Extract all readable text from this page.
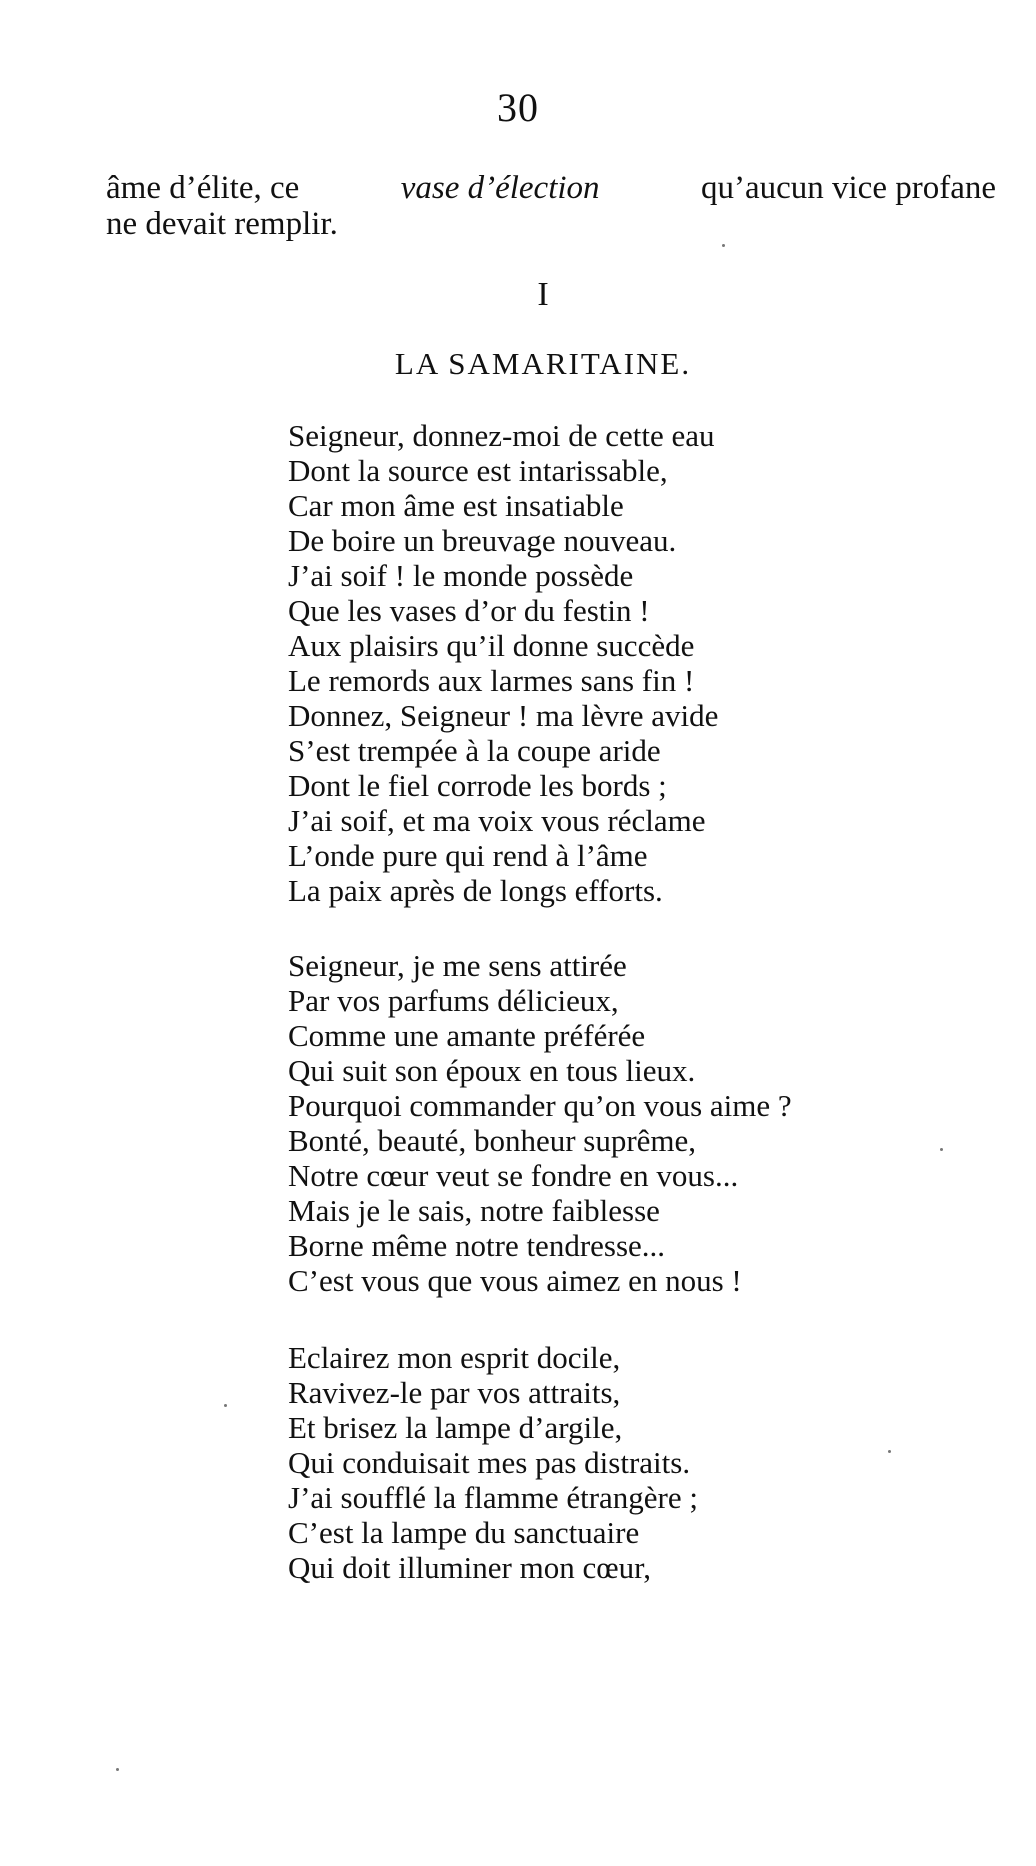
30
âme d’élite, ce	vase d’élection	qu’aucun vice profane
ne devait remplir.
I
LA SAMARITAINE.
Seigneur, donnez-moi de cette eau
Dont la source est intarissable,
Car mon âme est insatiable
De boire un breuvage nouveau.
J’ai soif ! le monde possède
Que les vases d’or du festin !
Aux plaisirs qu’il donne succède
Le remords aux larmes sans fin !
Donnez, Seigneur ! ma lèvre avide
S’est trempée à la coupe aride
Dont le fiel corrode les bords ;
J’ai soif, et ma voix vous réclame
L’onde pure qui rend à l’âme
La paix après de longs efforts.
Seigneur, je me sens attirée
Par vos parfums délicieux,
Comme une amante préférée
Qui suit son époux en tous lieux.
Pourquoi commander qu’on vous aime ?
Bonté, beauté, bonheur suprême,
Notre cœur veut se fondre en vous...
Mais je le sais, notre faiblesse
Borne même notre tendresse...
C’est vous que vous aimez en nous !
Eclairez mon esprit docile,
Ravivez-le par vos attraits,
Et brisez la lampe d’argile,
Qui conduisait mes pas distraits.
J’ai soufflé la flamme étrangère ;
C’est la lampe du sanctuaire
Qui doit illuminer mon cœur,
